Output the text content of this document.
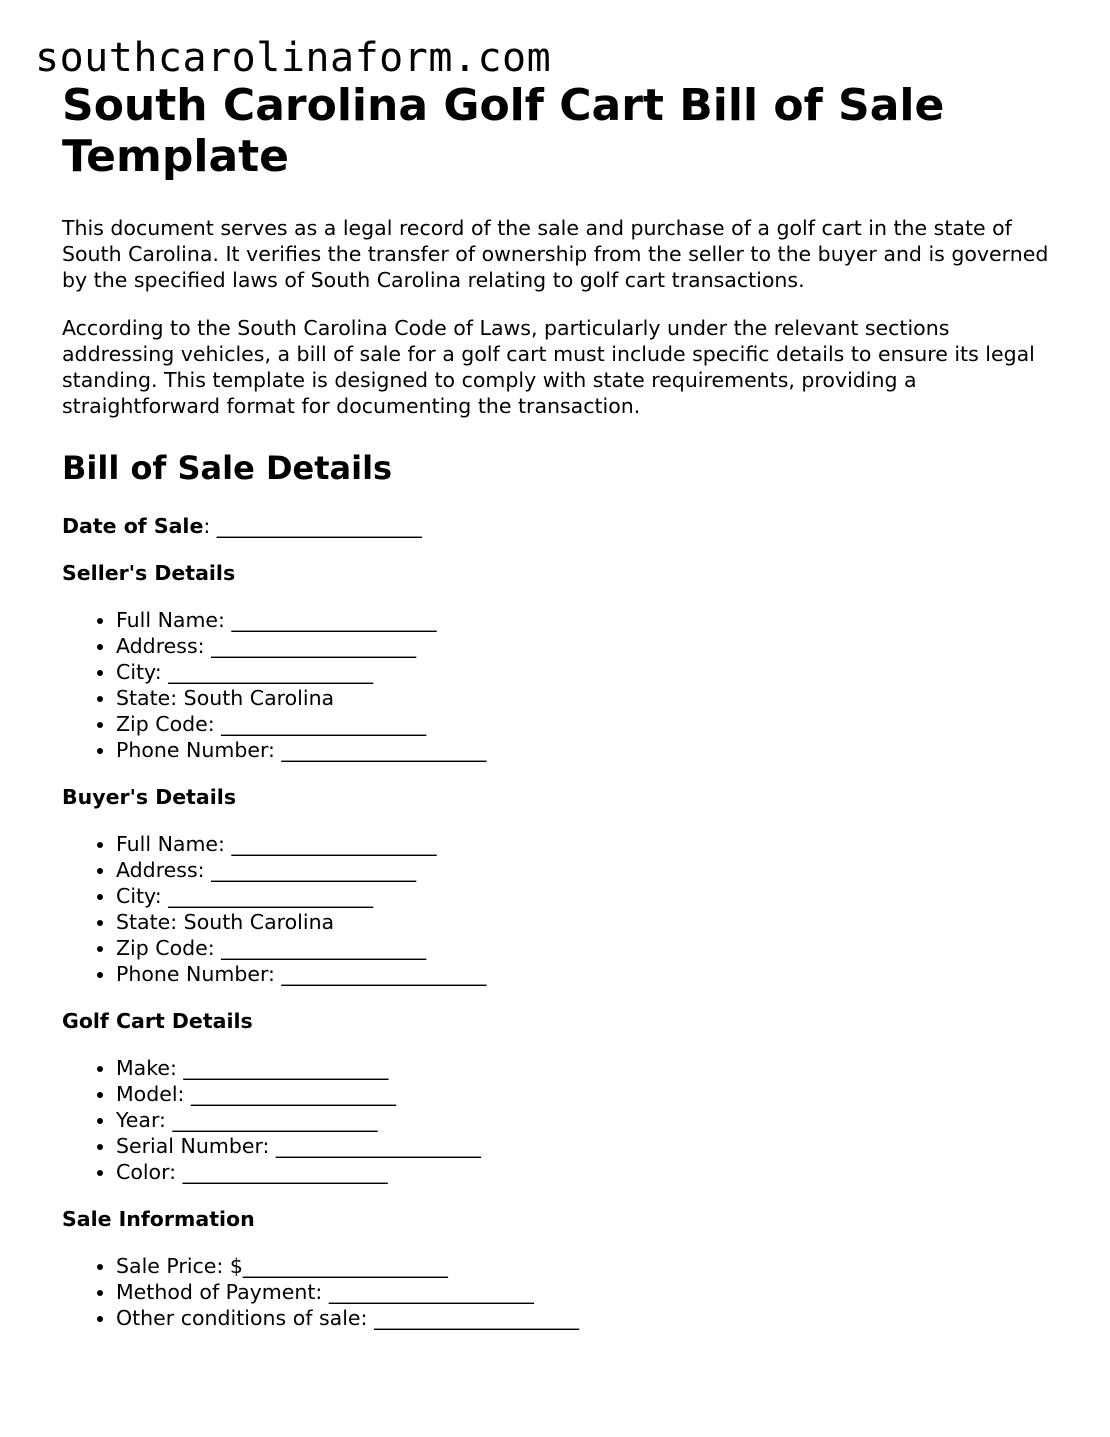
southcarolinaform.com
South Carolina Golf Cart Bill of Sale Template

This document serves as a legal record of the sale and purchase of a golf cart in the state of South Carolina. It verifies the transfer of ownership from the seller to the buyer and is governed by the specified laws of South Carolina relating to golf cart transactions.

According to the South Carolina Code of Laws, particularly under the relevant sections addressing vehicles, a bill of sale for a golf cart must include specific details to ensure its legal standing. This template is designed to comply with state requirements, providing a straightforward format for documenting the transaction.

Bill of Sale Details
Date of Sale: ____________________
Seller's Details
• Full Name: ____________________
• Address: ____________________
• City: ____________________
• State: South Carolina
• Zip Code: ____________________
• Phone Number: ____________________
Buyer's Details
• Full Name: ____________________
• Address: ____________________
• City: ____________________
• State: South Carolina
• Zip Code: ____________________
• Phone Number: ____________________
Golf Cart Details
• Make: ____________________
• Model: ____________________
• Year: ____________________
• Serial Number: ____________________
• Color: ____________________
Sale Information
• Sale Price: $____________________
• Method of Payment: ____________________
• Other conditions of sale: ____________________
